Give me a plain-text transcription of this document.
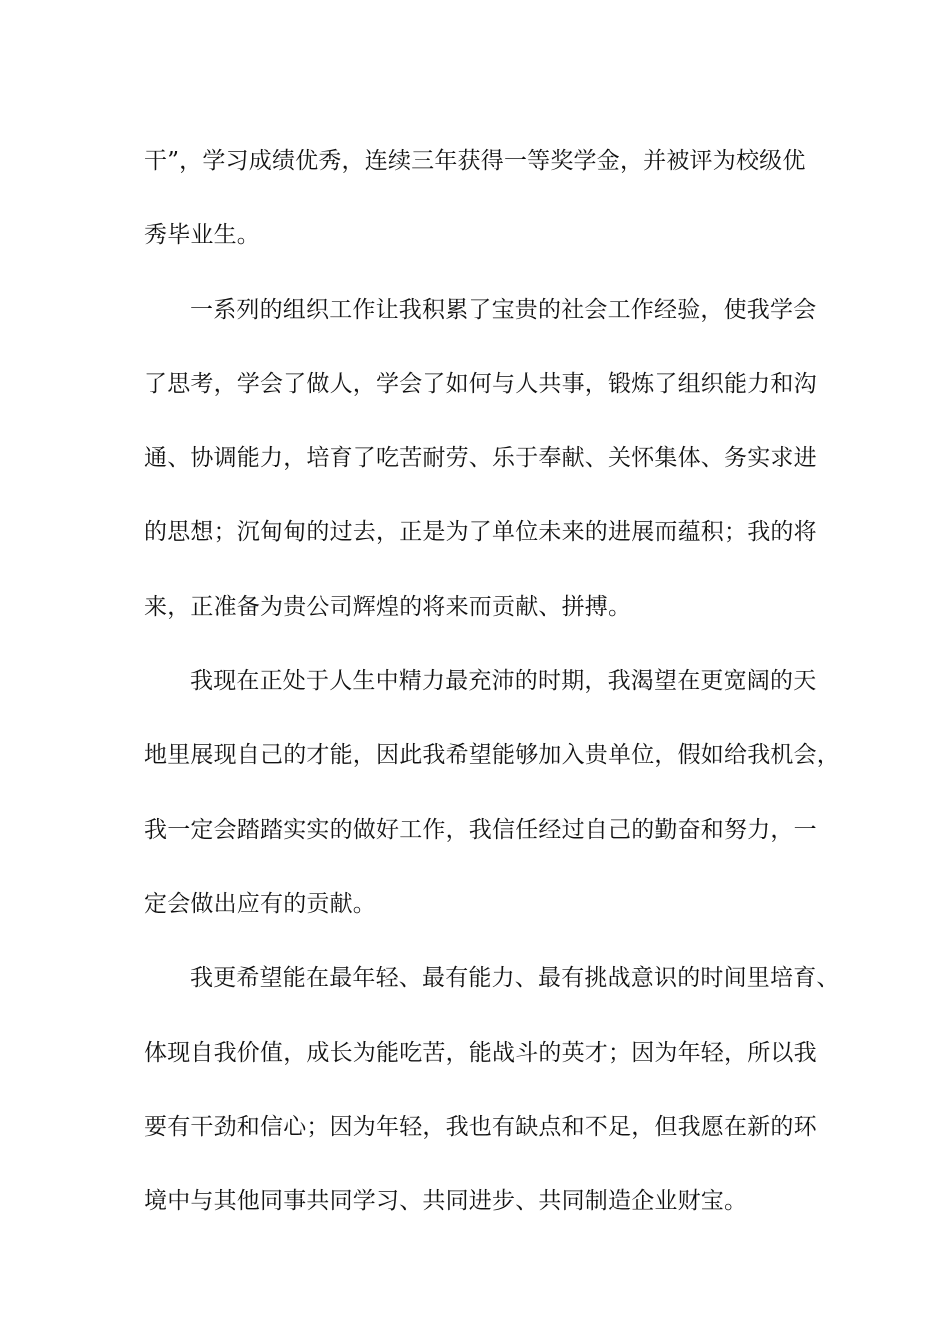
干”，学习成绩优秀，连续三年获得一等奖学金，并被评为校级优
秀毕业生。
一系列的组织工作让我积累了宝贵的社会工作经验，使我学会
了思考，学会了做人，学会了如何与人共事，锻炼了组织能力和沟
通、协调能力，培育了吃苦耐劳、乐于奉献、关怀集体、务实求进
的思想；沉甸甸的过去，正是为了单位未来的进展而蕴积；我的将
来，正准备为贵公司辉煌的将来而贡献、拼搏。
我现在正处于人生中精力最充沛的时期，我渴望在更宽阔的天
地里展现自己的才能，因此我希望能够加入贵单位，假如给我机会，
我一定会踏踏实实的做好工作，我信任经过自己的勤奋和努力，一
定会做出应有的贡献。
我更希望能在最年轻、最有能力、最有挑战意识的时间里培育、
体现自我价值，成长为能吃苦，能战斗的英才；因为年轻，所以我
要有干劲和信心；因为年轻，我也有缺点和不足，但我愿在新的环
境中与其他同事共同学习、共同进步、共同制造企业财宝。
